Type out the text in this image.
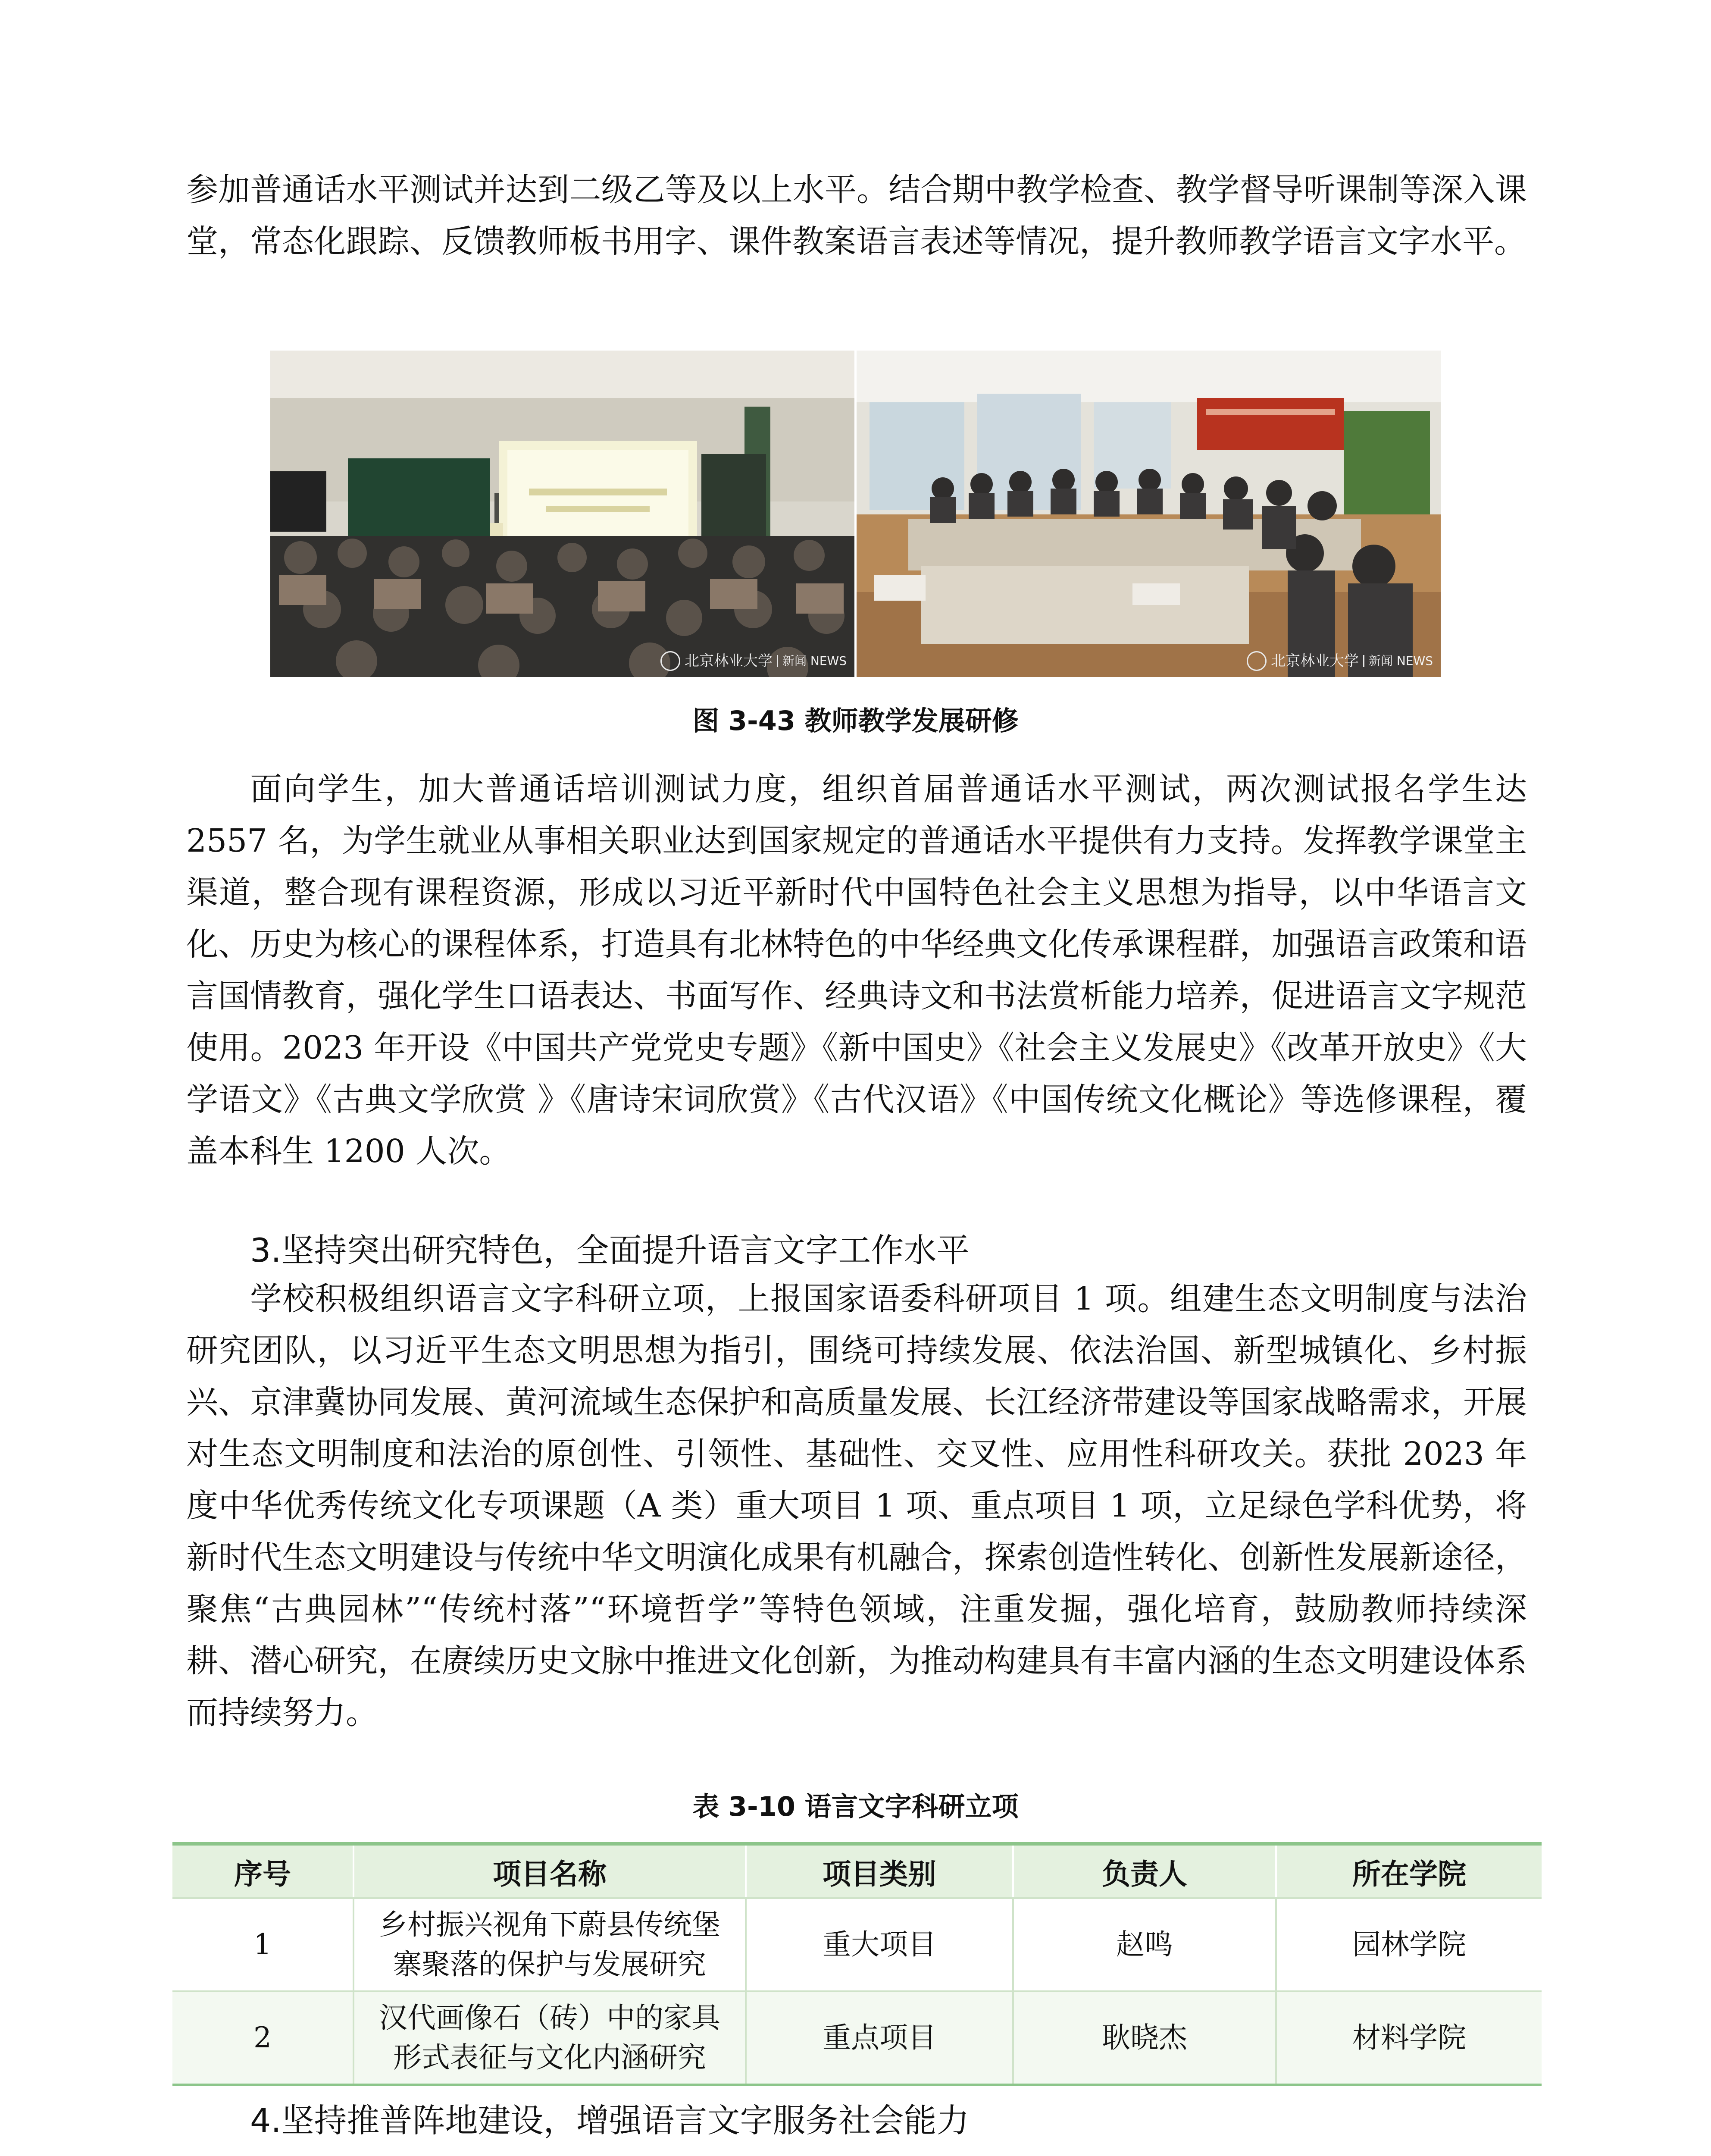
参加普通话水平测试并达到二级乙等及以上水平。结合期中教学检查、教学督导听课制等深入课堂，常态化跟踪、反馈教师板书用字、课件教案语言表述等情况，提升教师教学语言文字水平。

北京林业大学 新闻 NEWS	北京林业大学 新闻 NEWS
图 3-43 教师教学发展研修

面向学生，加大普通话培训测试力度，组织首届普通话水平测试，两次测试报名学生达 2557 名，为学生就业从事相关职业达到国家规定的普通话水平提供有力支持。发挥教学课堂主渠道，整合现有课程资源，形成以习近平新时代中国特色社会主义思想为指导，以中华语言文化、历史为核心的课程体系，打造具有北林特色的中华经典文化传承课程群，加强语言政策和语言国情教育，强化学生口语表达、书面写作、经典诗文和书法赏析能力培养，促进语言文字规范使用。2023 年开设《中国共产党党史专题》《新中国史》《社会主义发展史》《改革开放史》《大学语文》《古典文学欣赏 》《唐诗宋词欣赏》《古代汉语》《中国传统文化概论》等选修课程，覆盖本科生 1200 人次。

3.坚持突出研究特色，全面提升语言文字工作水平

学校积极组织语言文字科研立项，上报国家语委科研项目 1 项。组建生态文明制度与法治研究团队，以习近平生态文明思想为指引，围绕可持续发展、依法治国、新型城镇化、乡村振兴、京津冀协同发展、黄河流域生态保护和高质量发展、长江经济带建设等国家战略需求，开展对生态文明制度和法治的原创性、引领性、基础性、交叉性、应用性科研攻关。获批 2023 年度中华优秀传统文化专项课题（A 类）重大项目 1 项、重点项目 1 项，立足绿色学科优势，将新时代生态文明建设与传统中华文明演化成果有机融合，探索创造性转化、创新性发展新途径，聚焦“古典园林”“传统村落”“环境哲学”等特色领域，注重发掘，强化培育，鼓励教师持续深耕、潜心研究，在赓续历史文脉中推进文化创新，为推动构建具有丰富内涵的生态文明建设体系而持续努力。

表 3-10 语言文字科研立项
序号	项目名称	项目类别	负责人	所在学院
1	乡村振兴视角下蔚县传统堡
寨聚落的保护与发展研究	重大项目	赵鸣	园林学院
2	汉代画像石（砖）中的家具
形式表征与文化内涵研究	重点项目	耿晓杰	材料学院
4.坚持推普阵地建设，增强语言文字服务社会能力
